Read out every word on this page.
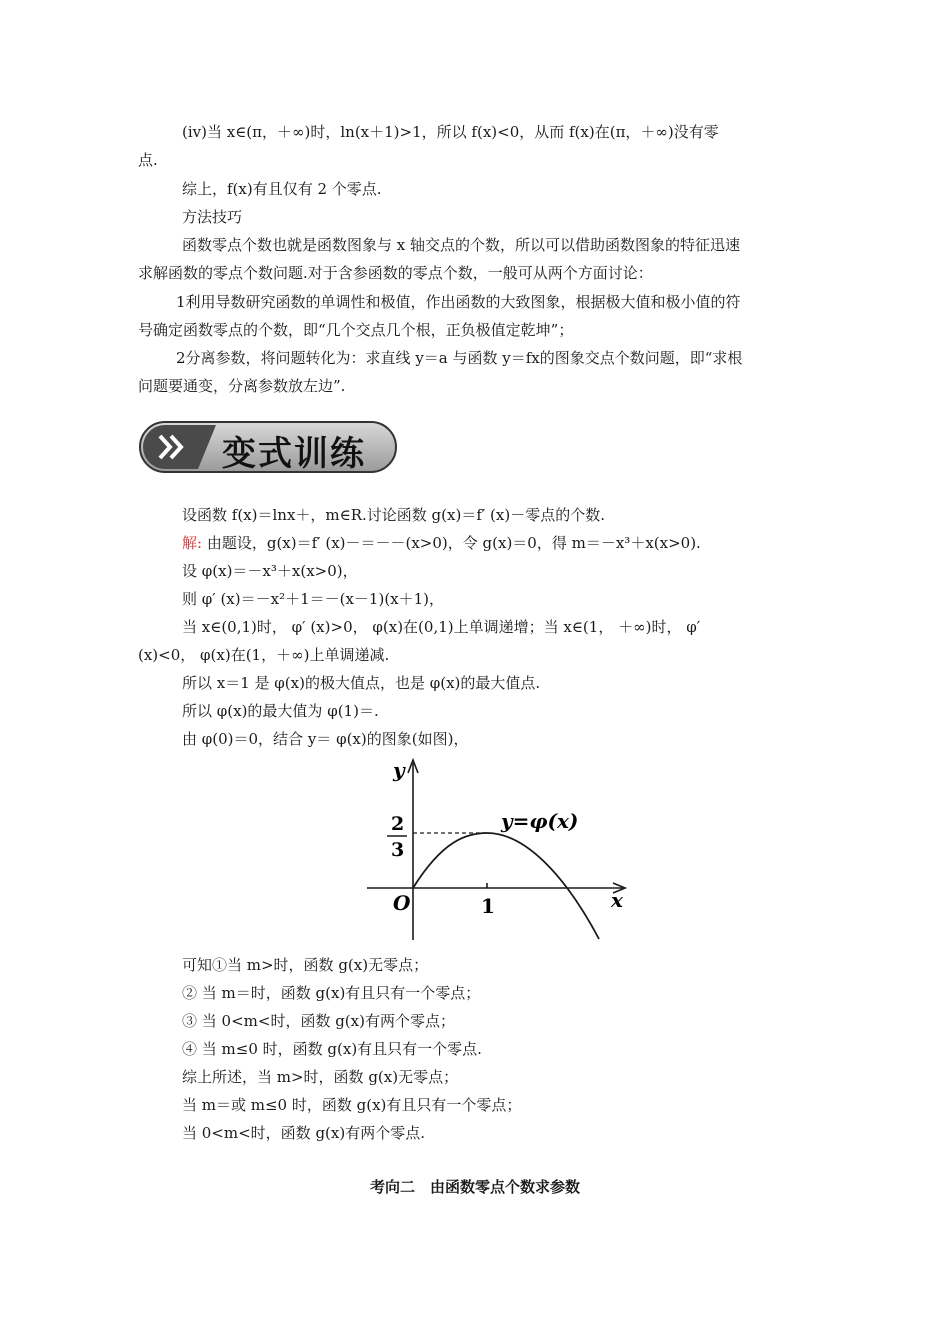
(iv)当 x∈(π，＋∞)时，ln(x＋1)>1，所以 f(x)<0，从而 f(x)在(π，＋∞)没有零
点.
综上，f(x)有且仅有 2 个零点.
方法技巧
函数零点个数也就是函数图象与 x 轴交点的个数，所以可以借助函数图象的特征迅速
求解函数的零点个数问题.对于含参函数的零点个数，一般可从两个方面讨论：
1利用导数研究函数的单调性和极值，作出函数的大致图象，根据极大值和极小值的符
号确定函数零点的个数，即“几个交点几个根，正负极值定乾坤”；
2分离参数，将问题转化为：求直线 y＝a 与函数 y＝fx的图象交点个数问题，即“求根
问题要通变，分离参数放左边”.
变式训练
设函数 f(x)＝lnx＋，m∈R.讨论函数 g(x)＝f′ (x)－零点的个数.
解: 由题设，g(x)＝f′ (x)－＝－－(x>0)，令 g(x)＝0，得 m＝－x³＋x(x>0).
设 φ(x)＝－x³＋x(x>0)，
则 φ′ (x)＝－x²＋1＝－(x－1)(x＋1)，
当 x∈(0,1)时， φ′ (x)>0， φ(x)在(0,1)上单调递增；当 x∈(1， ＋∞)时， φ′
(x)<0， φ(x)在(1，＋∞)上单调递减.
所以 x＝1 是 φ(x)的极大值点，也是 φ(x)的最大值点.
所以 φ(x)的最大值为 φ(1)＝.
由 φ(0)＝0，结合 y＝ φ(x)的图象(如图)，
y
x
O	1
2
3
y=φ(x)
可知①当 m>时，函数 g(x)无零点；
② 当 m＝时，函数 g(x)有且只有一个零点；
③ 当 0<m<时，函数 g(x)有两个零点；
④ 当 m≤0 时，函数 g(x)有且只有一个零点.
综上所述，当 m>时，函数 g(x)无零点；
当 m＝或 m≤0 时，函数 g(x)有且只有一个零点；
当 0<m<时，函数 g(x)有两个零点.
考向二　由函数零点个数求参数
